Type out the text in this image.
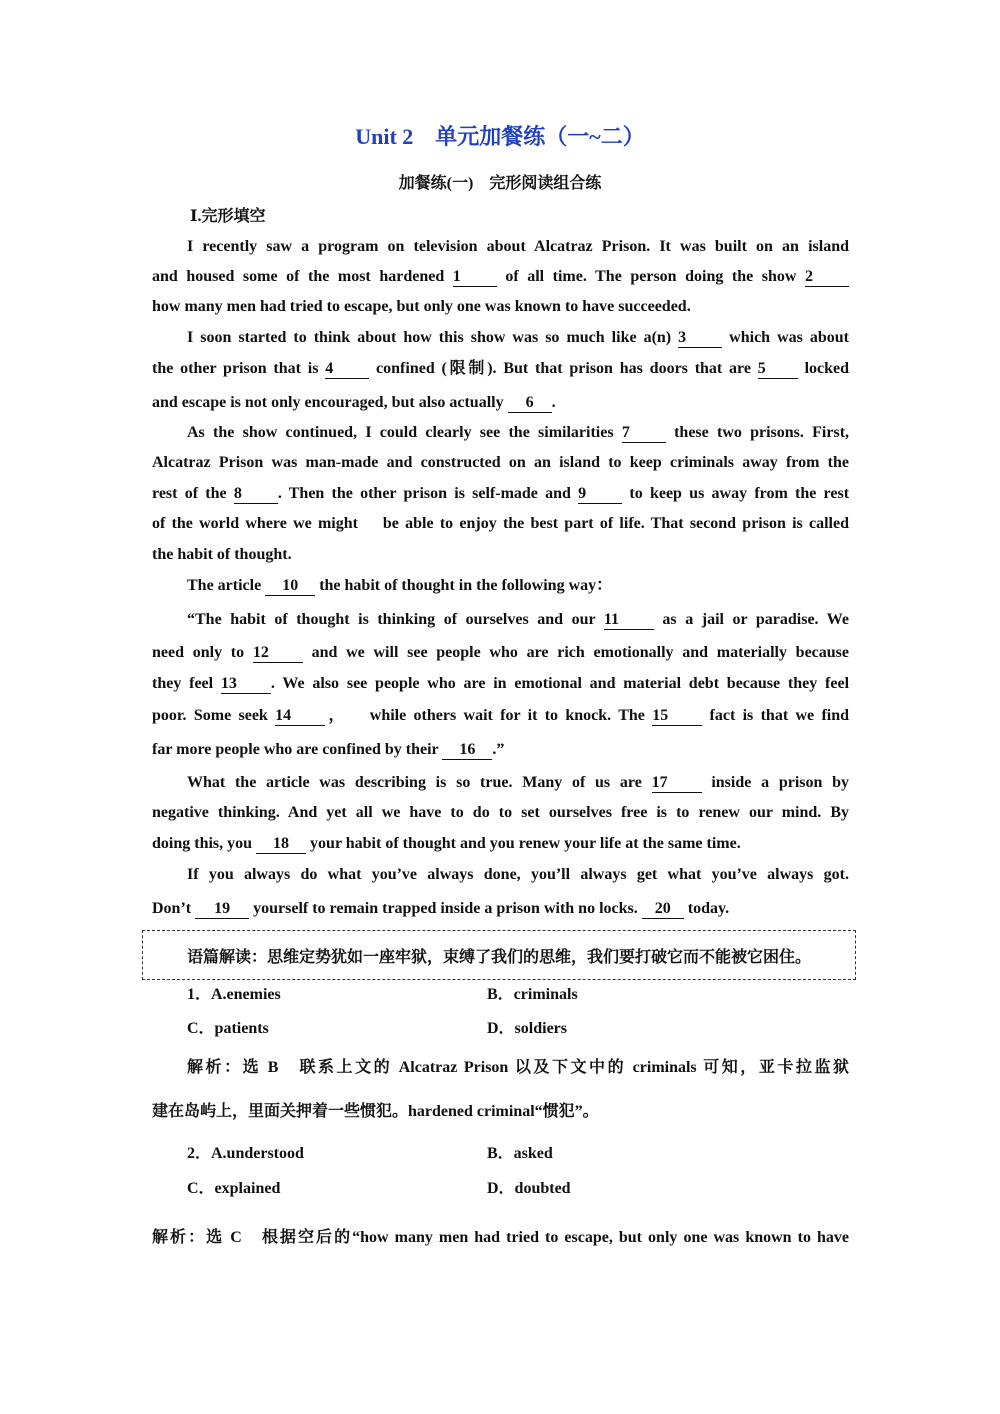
Unit 2　单元加餐练（一~二）
加餐练(一)　完形阅读组合练
Ⅰ.完形填空
I recently saw a program on television about Alcatraz Prison. It was built on an island
and housed some of the most hardened 1	of all time. The person doing the show 2
how many men had tried to escape, but only one was known to have succeeded.
I soon started to think about how this show was so much like a(n) 3	which was about
the other prison that is 4	confined (限制). But that prison has doors that are 5 locked
and escape is not only encouraged, but also actually 6 .
As the show continued, I could clearly see the similarities 7	these two prisons. First,
Alcatraz Prison was man-made and constructed on an island to keep criminals away from the
rest of the 8 . Then the other prison is self-made and 9	to keep us away from the rest
of the world where we might    be able to enjoy the best part of life. That second prison is called
the habit of thought.
The article 10 the habit of thought in the following way：
“The habit of thought is thinking of ourselves and our 11	as a jail or paradise. We
need only to 12	and we will see people who are rich emotionally and materially because
they feel 13 . We also see people who are in emotional and material debt because they feel
poor. Some seek 14 ，   while others wait for it to knock. The 15	fact is that we find
far more people who are confined by their 16 .”
What the article was describing is so true. Many of us are 17	inside a prison by
negative thinking. And yet all we have to do to set ourselves free is to renew our mind. By
doing this, you 18 your habit of thought and you renew your life at the same time.
If you always do what you’ve always done, you’ll always get what you’ve always got.
Don’t 19 yourself to remain trapped inside a prison with no locks. 20 today.
语篇解读：思维定势犹如一座牢狱，束缚了我们的思维，我们要打破它而不能被它困住。
1．A.enemies	B．criminals
C．patients	D．soldiers
解析：选 B　联系上文的 Alcatraz Prison 以及下文中的 criminals 可知，亚卡拉监狱
建在岛屿上，里面关押着一些惯犯。hardened criminal“惯犯”。
2．A.understood	B．asked
C．explained	D．doubted
解析：选 C　根据空后的“how many men had tried to escape, but only one was known to have
